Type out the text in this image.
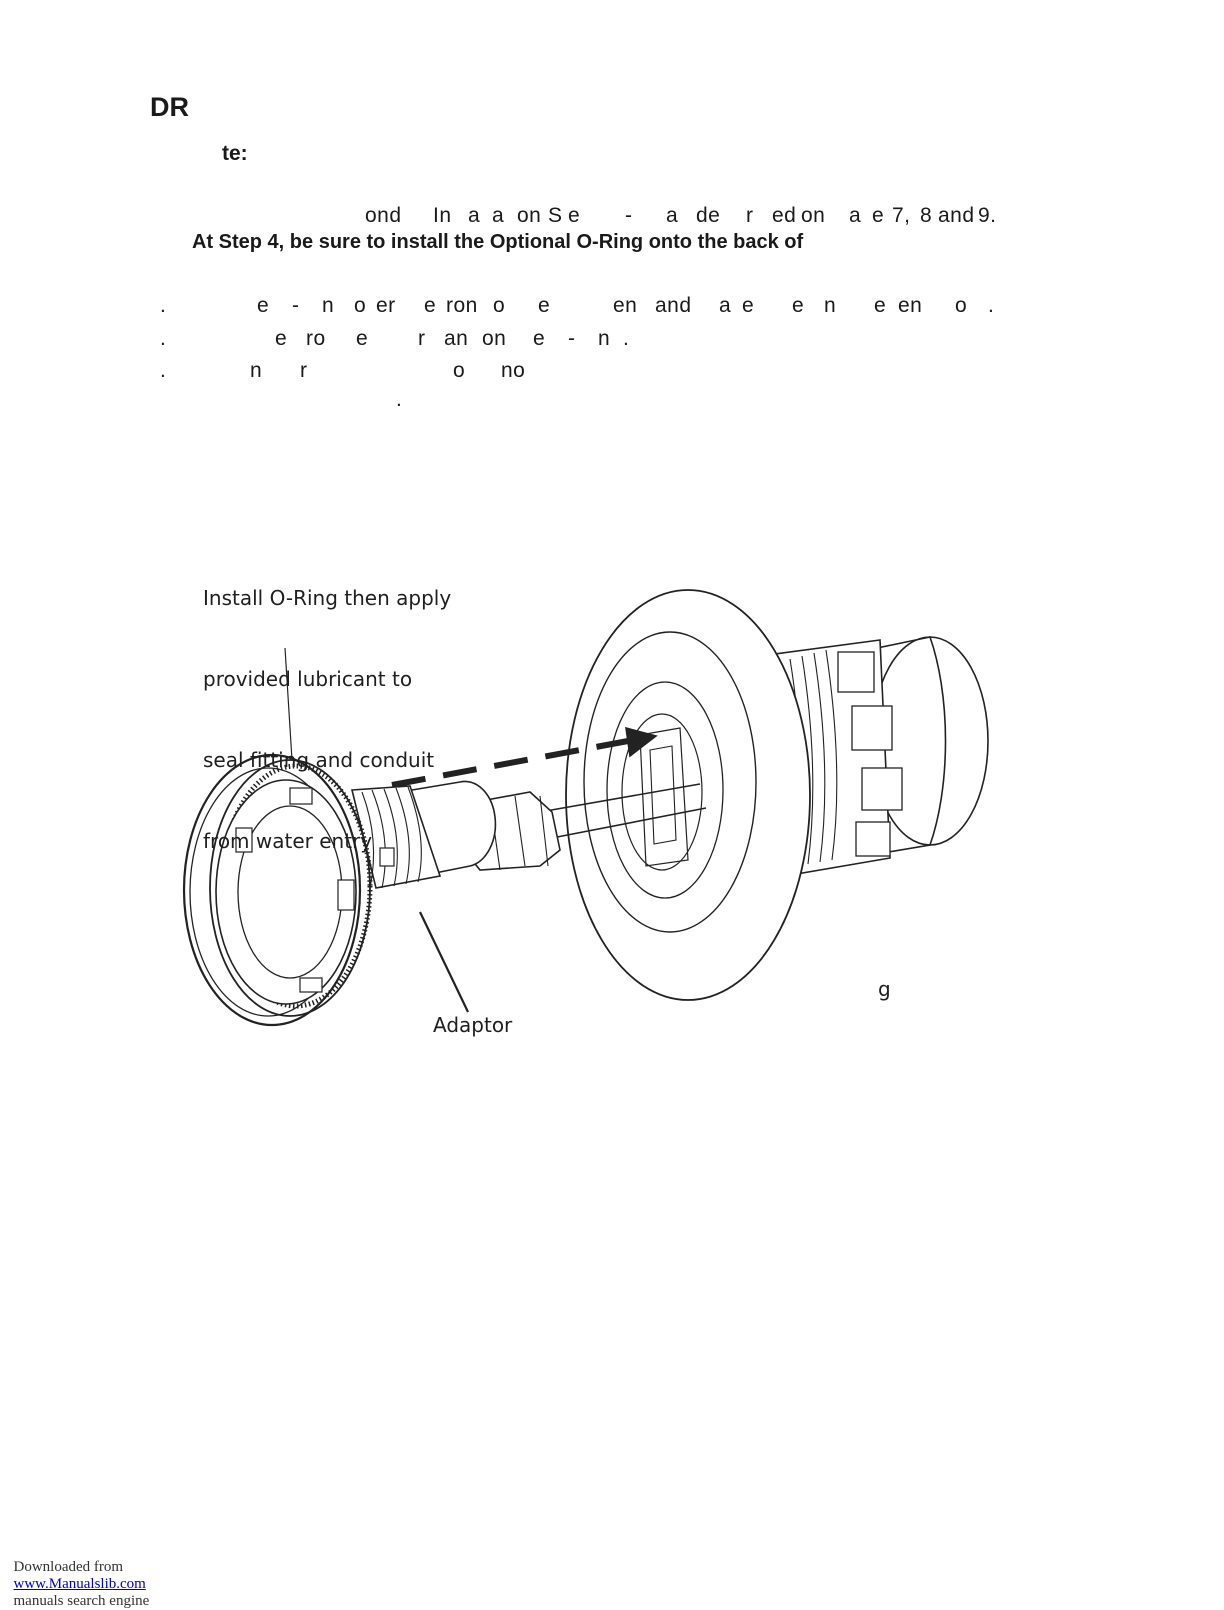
DR
te:
ond In a a on S e - a de r ed on a e 7, 8 and 9.
At Step 4, be sure to install the Optional O-Ring onto the back of
.	e - n o er e ron o e	en and a e e n e en o .
.	e ro e r an on e - n .
.	n r	o no
.

Install O-Ring then apply

provided lubricant to

seal fitting and conduit

from water entry

Adaptor
g

Downloaded from
www.Manualslib.com
manuals search engine
